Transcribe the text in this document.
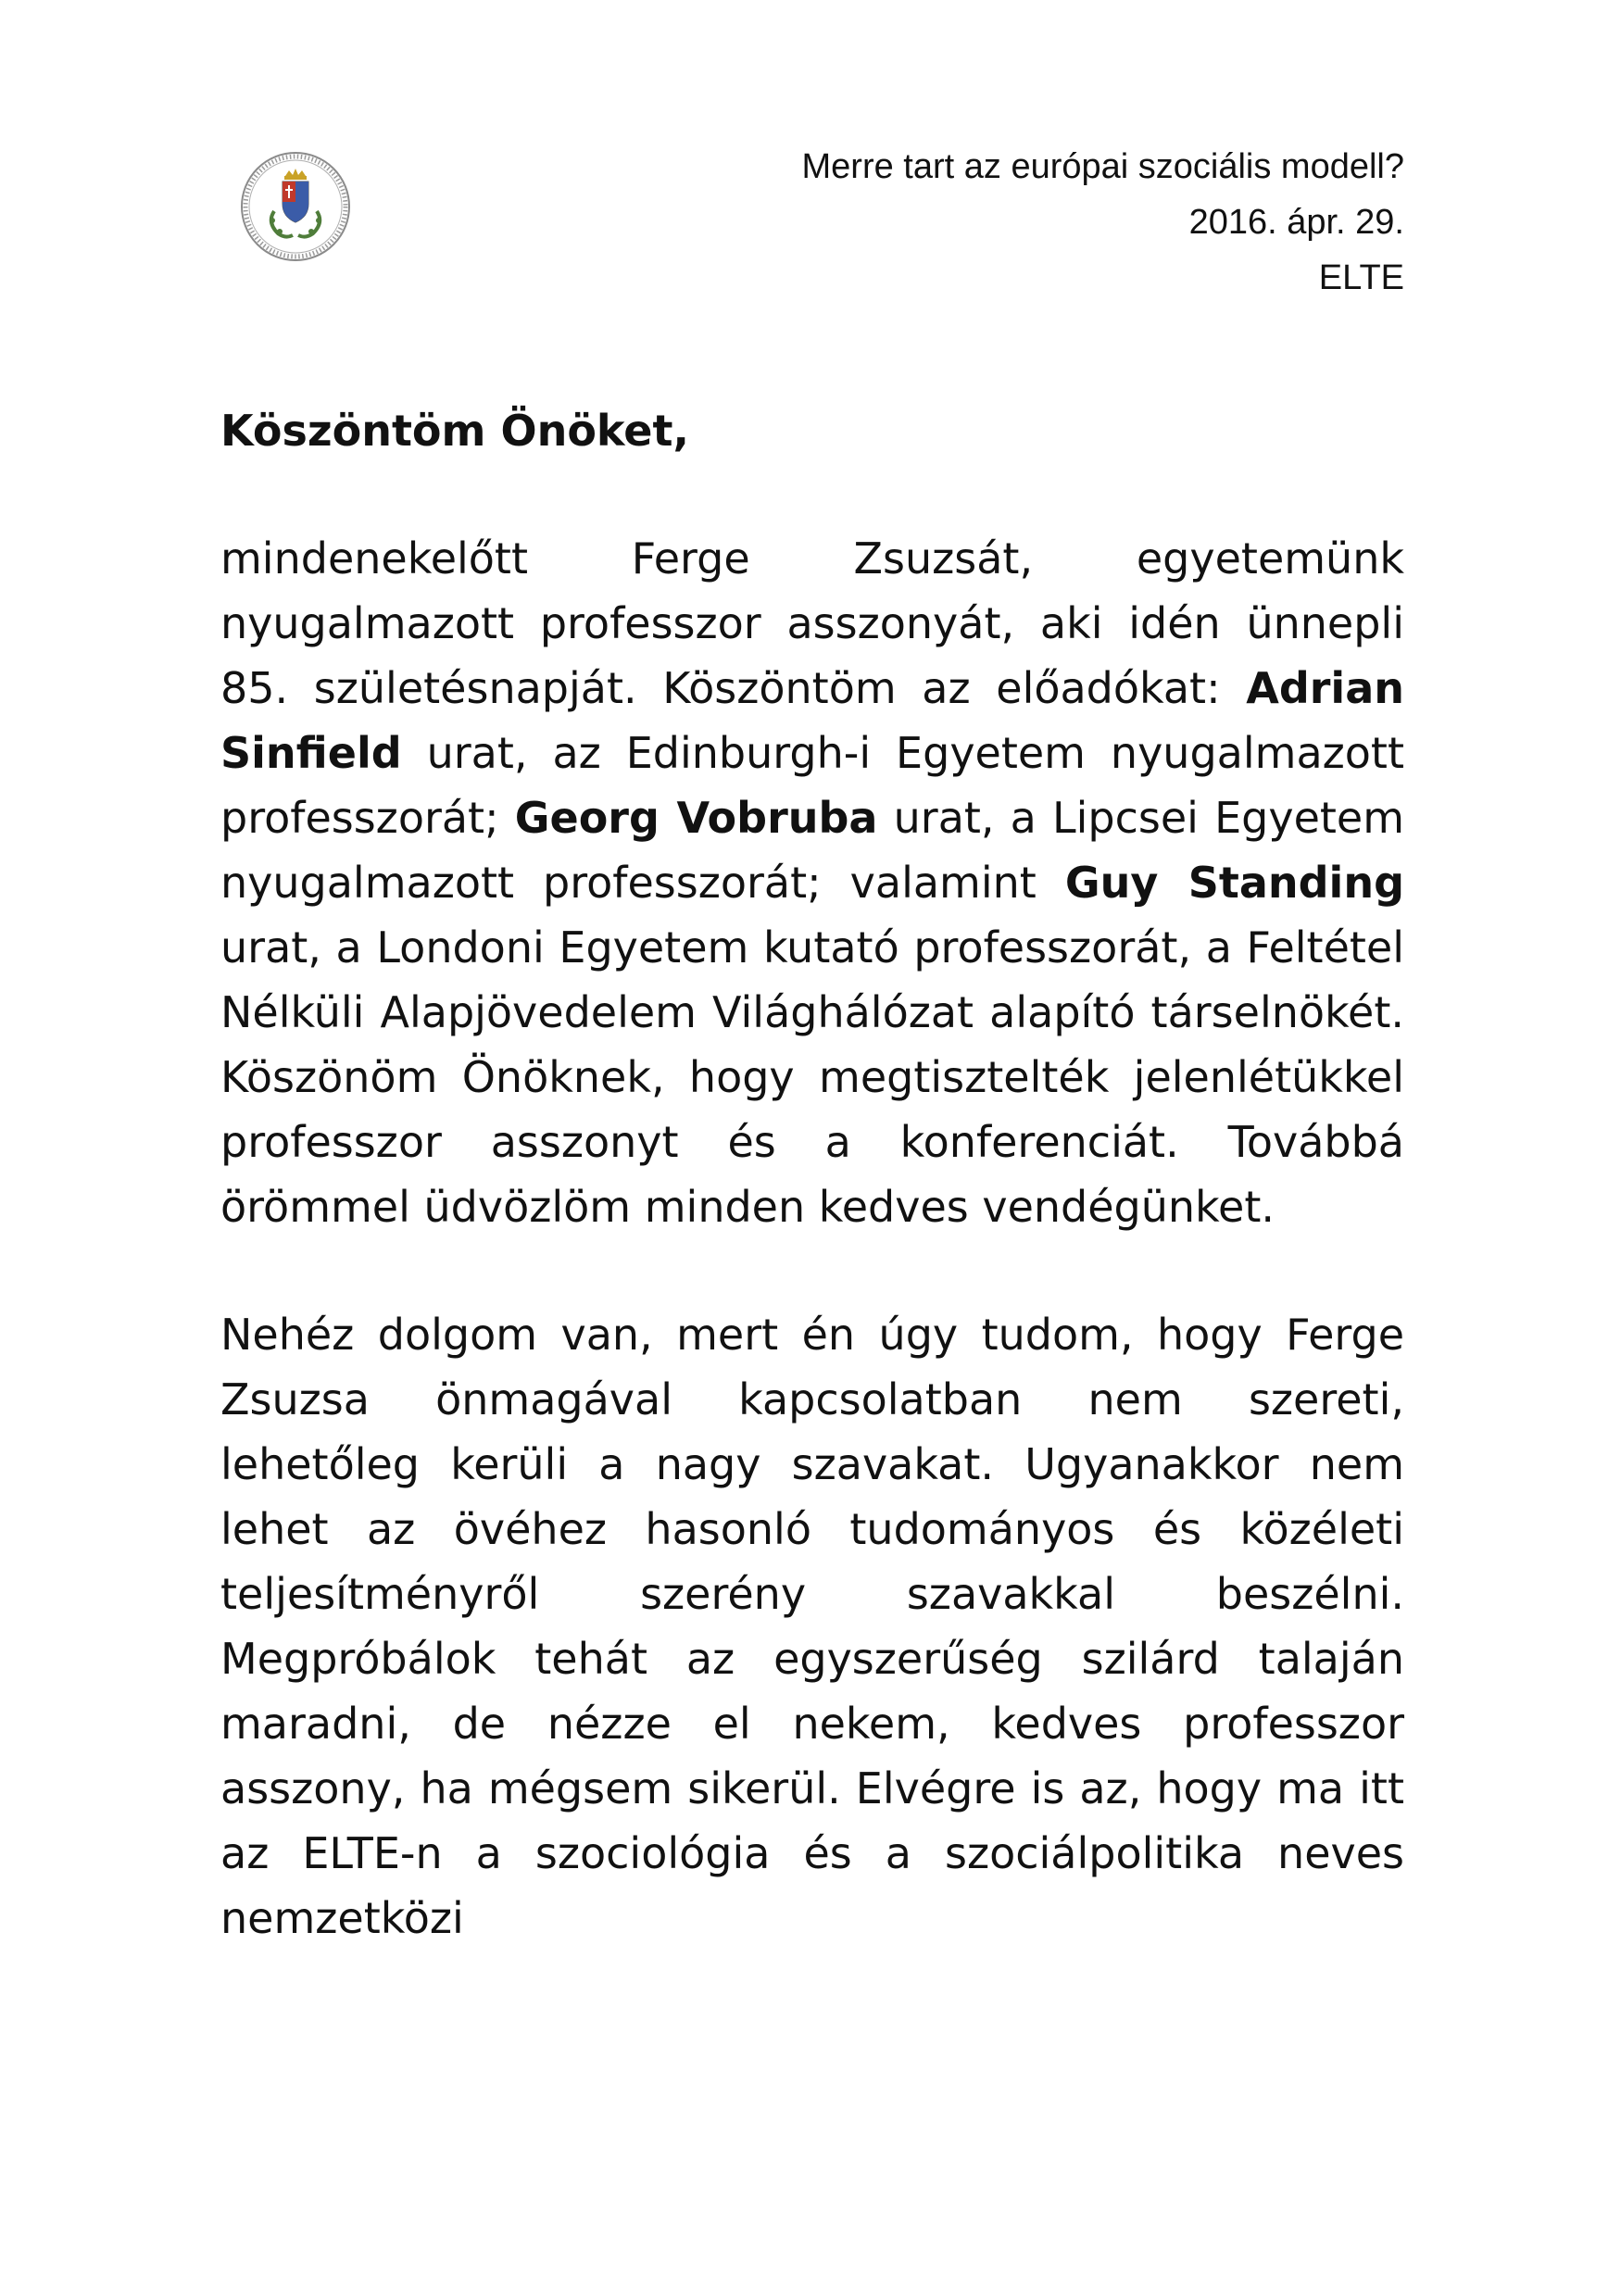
Merre tart az európai szociális modell?
2016. ápr. 29.
ELTE

Köszöntöm Önöket,

mindenekelőtt Ferge Zsuzsát, egyetemünk nyugalmazott professzor asszonyát, aki idén ünnepli 85. születésnapját. Köszöntöm az előadókat: Adrian Sinfield urat, az Edinburgh-i Egyetem nyugalmazott professzorát; Georg Vobruba urat, a Lipcsei Egyetem nyugalmazott professzorát; valamint Guy Standing urat, a Londoni Egyetem kutató professzorát, a Feltétel Nélküli Alapjövedelem Világhálózat alapító társelnökét. Köszönöm Önöknek, hogy megtisztelték jelenlétükkel professzor asszonyt és a konferenciát. Továbbá örömmel üdvözlöm minden kedves vendégünket.

Nehéz dolgom van, mert én úgy tudom, hogy Ferge Zsuzsa önmagával kapcsolatban nem szereti, lehetőleg kerüli a nagy szavakat. Ugyanakkor nem lehet az övéhez hasonló tudományos és közéleti teljesítményről szerény szavakkal beszélni. Megpróbálok tehát az egyszerűség szilárd talaján maradni, de nézze el nekem, kedves professzor asszony, ha mégsem sikerül. Elvégre is az, hogy ma itt az ELTE-n a szociológia és a szociálpolitika neves nemzetközi
